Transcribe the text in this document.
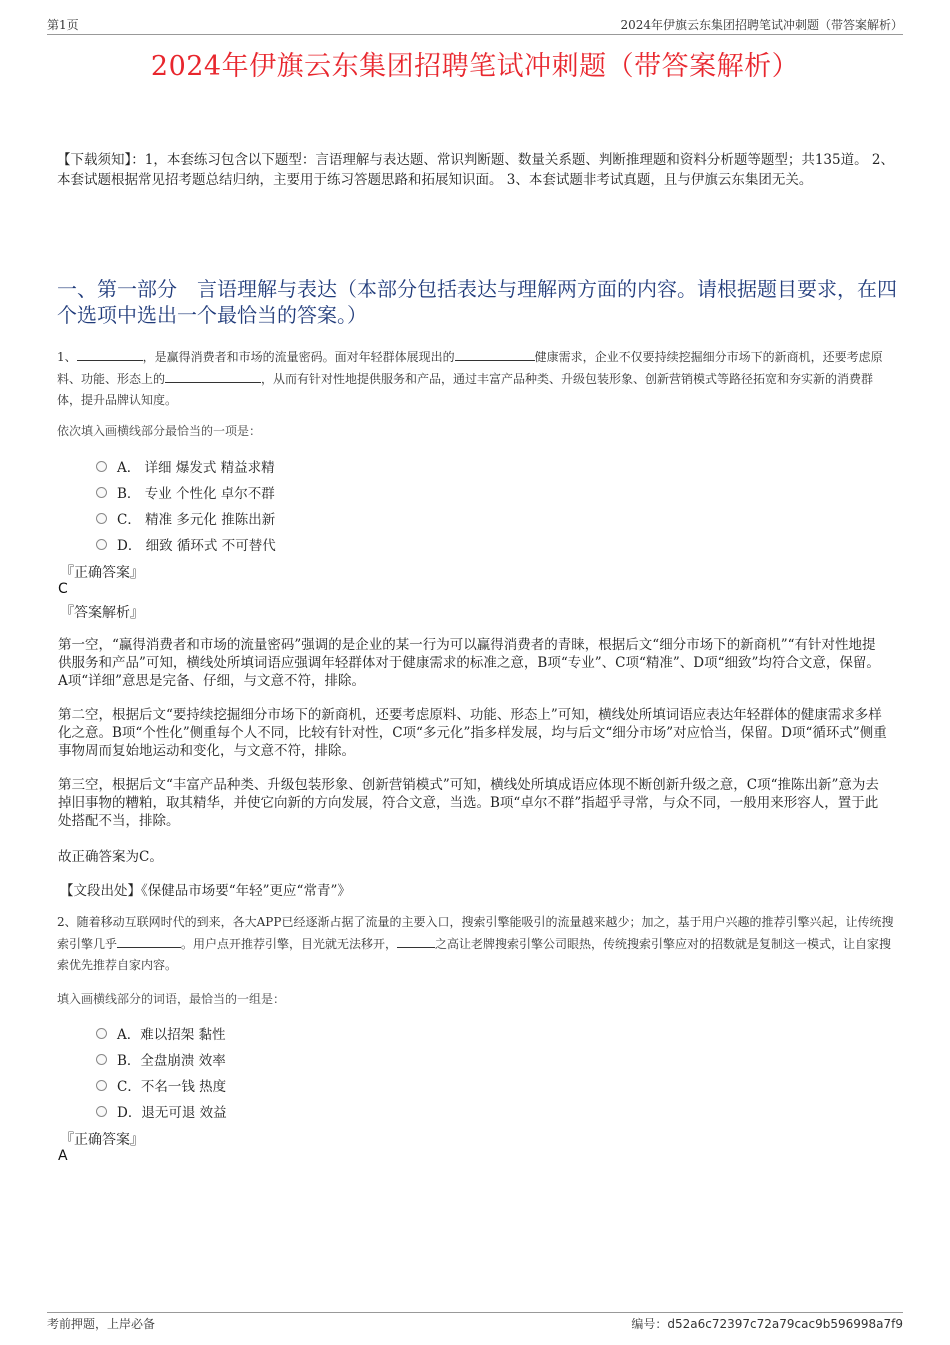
第1页	2024年伊旗云东集团招聘笔试冲刺题（带答案解析）
2024年伊旗云东集团招聘笔试冲刺题（带答案解析）

【下载须知】：1，本套练习包含以下题型：言语理解与表达题、常识判断题、数量关系题、判断推理题和资料分析题等题型；共135道。 2、本套试题根据常见招考题总结归纳，主要用于练习答题思路和拓展知识面。 3、本套试题非考试真题，且与伊旗云东集团无关。

一、第一部分　言语理解与表达（本部分包括表达与理解两方面的内容。请根据题目要求，在四个选项中选出一个最恰当的答案。）

1、	，是赢得消费者和市场的流量密码。面对年轻群体展现出的	健康需求，企业不仅要持续挖掘细分市场下的新商机，还要考虑原料、功能、形态上的	，从而有针对性地提供服务和产品，通过丰富产品种类、升级包装形象、创新营销模式等路径拓宽和夯实新的消费群体，提升品牌认知度。

依次填入画横线部分最恰当的一项是：

A． 详细 爆发式 精益求精
B． 专业 个性化 卓尔不群
C． 精准 多元化 推陈出新
D． 细致 循环式 不可替代

『正确答案』

C

『答案解析』

第一空，“赢得消费者和市场的流量密码”强调的是企业的某一行为可以赢得消费者的青睐，根据后文“细分市场下的新商机”“有针对性地提供服务和产品”可知，横线处所填词语应强调年轻群体对于健康需求的标准之意，B项“专业”、C项“精准”、D项“细致”均符合文意，保留。A项“详细”意思是完备、仔细，与文意不符，排除。

第二空，根据后文“要持续挖掘细分市场下的新商机，还要考虑原料、功能、形态上”可知，横线处所填词语应表达年轻群体的健康需求多样化之意。B项“个性化”侧重每个人不同，比较有针对性，C项“多元化”指多样发展，均与后文“细分市场”对应恰当，保留。D项“循环式”侧重事物周而复始地运动和变化，与文意不符，排除。

第三空，根据后文“丰富产品种类、升级包装形象、创新营销模式”可知，横线处所填成语应体现不断创新升级之意，C项“推陈出新”意为去掉旧事物的糟粕，取其精华，并使它向新的方向发展，符合文意，当选。B项“卓尔不群”指超乎寻常，与众不同，一般用来形容人，置于此处搭配不当，排除。

故正确答案为C。

【文段出处】《保健品市场要“年轻”更应“常青”》

2、随着移动互联网时代的到来，各大APP已经逐渐占据了流量的主要入口，搜索引擎能吸引的流量越来越少；加之，基于用户兴趣的推荐引擎兴起，让传统搜索引擎几乎	。用户点开推荐引擎，目光就无法移开，	之高让老牌搜索引擎公司眼热，传统搜索引擎应对的招数就是复制这一模式，让自家搜索优先推荐自家内容。

填入画横线部分的词语，最恰当的一组是：

A．难以招架 黏性
B．全盘崩溃 效率
C．不名一钱 热度
D．退无可退 效益

『正确答案』

A

考前押题，上岸必备	编号：d52a6c72397c72a79cac9b596998a7f9
